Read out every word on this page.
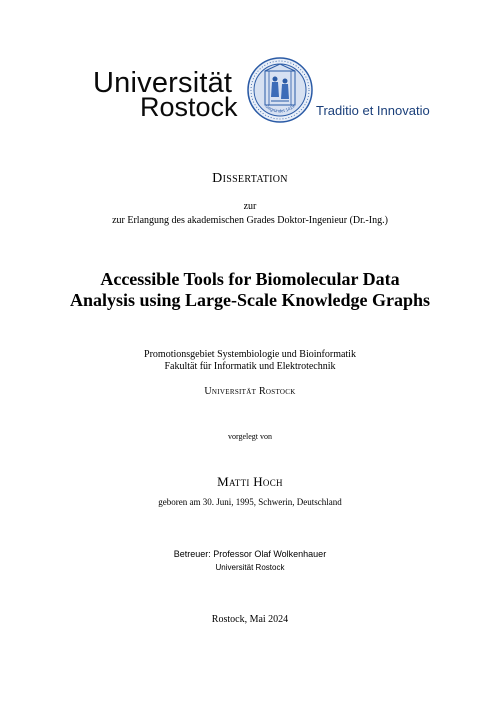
Universität
Rostock	Gegründet 1419 Traditio et Innovatio
Dissertation
zur
zur Erlangung des akademischen Grades Doktor-Ingenieur (Dr.-Ing.)
Accessible Tools for Biomolecular Data
Analysis using Large-Scale Knowledge Graphs
Promotionsgebiet Systembiologie und Bioinformatik
Fakultät für Informatik und Elektrotechnik
Universität Rostock
vorgelegt von
Matti Hoch
geboren am 30. Juni, 1995, Schwerin, Deutschland
Betreuer: Professor Olaf Wolkenhauer
Universität Rostock
Rostock, Mai 2024
